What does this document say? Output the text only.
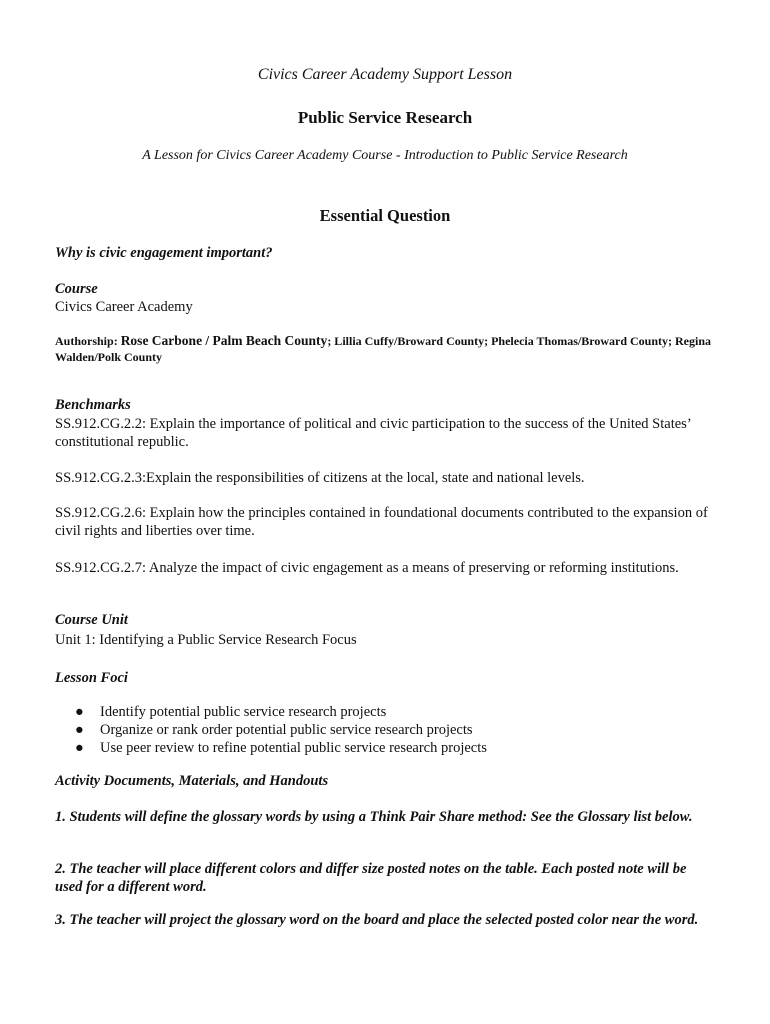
Civics Career Academy Support Lesson
Public Service Research
A Lesson for Civics Career Academy Course - Introduction to Public Service Research
Essential Question
Why is civic engagement important?
Course
Civics Career Academy
Authorship: Rose Carbone / Palm Beach County; Lillia Cuffy/Broward County; Phelecia Thomas/Broward County; Regina Walden/Polk County
Benchmarks
SS.912.CG.2.2: Explain the importance of political and civic participation to the success of the United States’ constitutional republic.
SS.912.CG.2.3:Explain the responsibilities of citizens at the local, state and national levels.
SS.912.CG.2.6: Explain how the principles contained in foundational documents contributed to the expansion of civil rights and liberties over time.
SS.912.CG.2.7: Analyze the impact of civic engagement as a means of preserving or reforming institutions.
Course Unit
Unit 1: Identifying a Public Service Research Focus
Lesson Foci
● Identify potential public service research projects
● Organize or rank order potential public service research projects
● Use peer review to refine potential public service research projects
Activity Documents, Materials, and Handouts
1. Students will define the glossary words by using a Think Pair Share method: See the Glossary list below.
2. The teacher will place different colors and differ size posted notes on the table. Each posted note will be used for a different word.
3. The teacher will project the glossary word on the board and place the selected posted color near the word.
